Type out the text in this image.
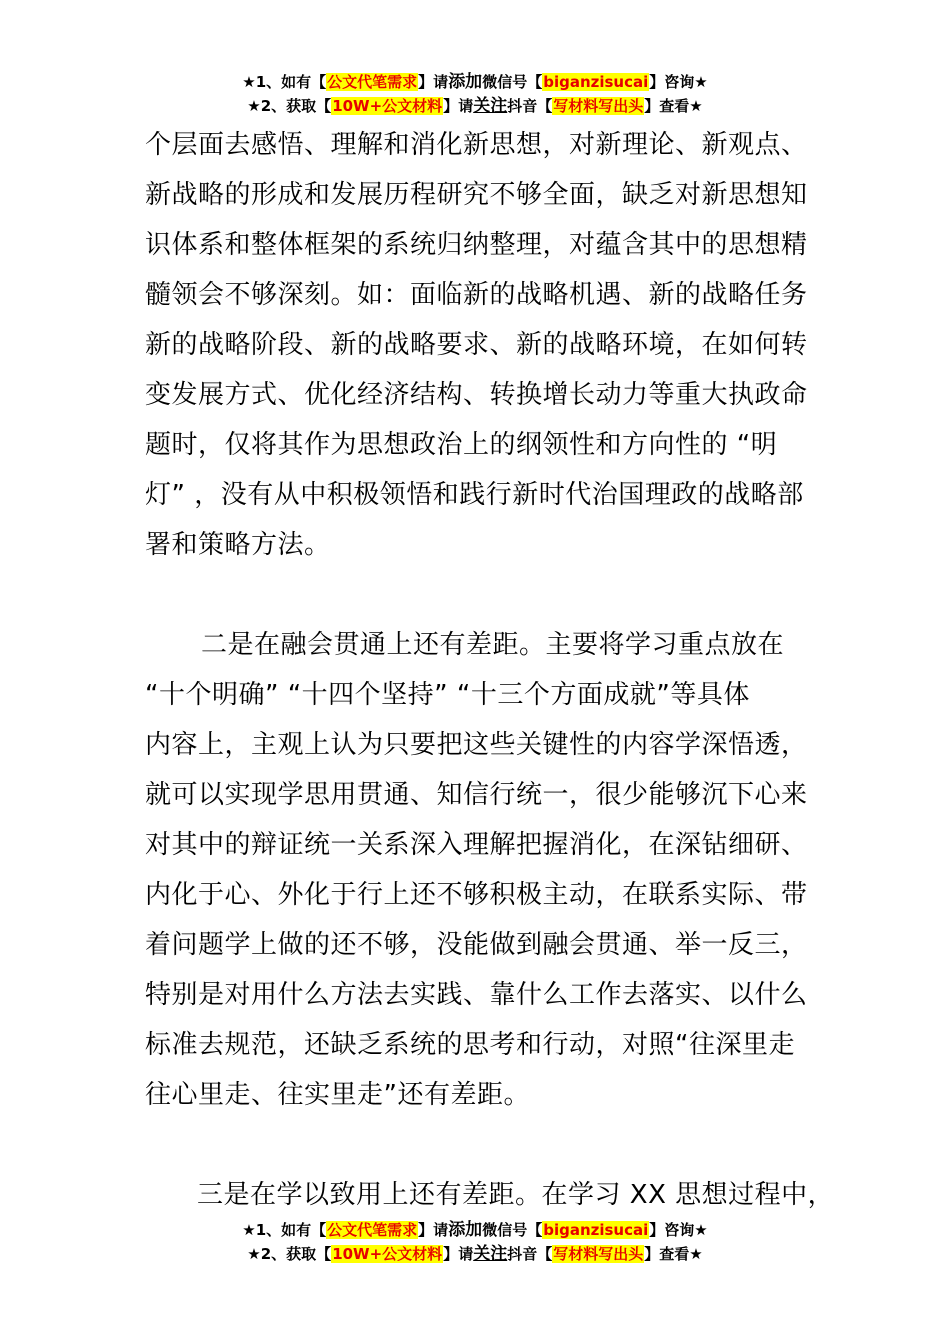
★1、如有【公文代笔需求】请添加微信号【biganzisucai】咨询★
★2、获取【10W+公文材料】请关注抖音【写材料写出头】查看★
个层面去感悟、理解和消化新思想，对新理论、新观点、
新战略的形成和发展历程研究不够全面，缺乏对新思想知
识体系和整体框架的系统归纳整理，对蕴含其中的思想精
髓领会不够深刻。如：面临新的战略机遇、新的战略任务
新的战略阶段、新的战略要求、新的战略环境，在如何转
变发展方式、优化经济结构、转换增长动力等重大执政命
题时，仅将其作为思想政治上的纲领性和方向性的 “明
灯” ，没有从中积极领悟和践行新时代治国理政的战略部
署和策略方法。
二是在融会贯通上还有差距。主要将学习重点放在
“十个明确” “十四个坚持” “十三个方面成就”等具体
内容上，主观上认为只要把这些关键性的内容学深悟透，
就可以实现学思用贯通、知信行统一，很少能够沉下心来
对其中的辩证统一关系深入理解把握消化，在深钻细研、
内化于心、外化于行上还不够积极主动，在联系实际、带
着问题学上做的还不够，没能做到融会贯通、举一反三，
特别是对用什么方法去实践、靠什么工作去落实、以什么
标准去规范，还缺乏系统的思考和行动，对照“往深里走
往心里走、往实里走”还有差距。
三是在学以致用上还有差距。在学习 XX 思想过程中，
★1、如有【公文代笔需求】请添加微信号【biganzisucai】咨询★
★2、获取【10W+公文材料】请关注抖音【写材料写出头】查看★
